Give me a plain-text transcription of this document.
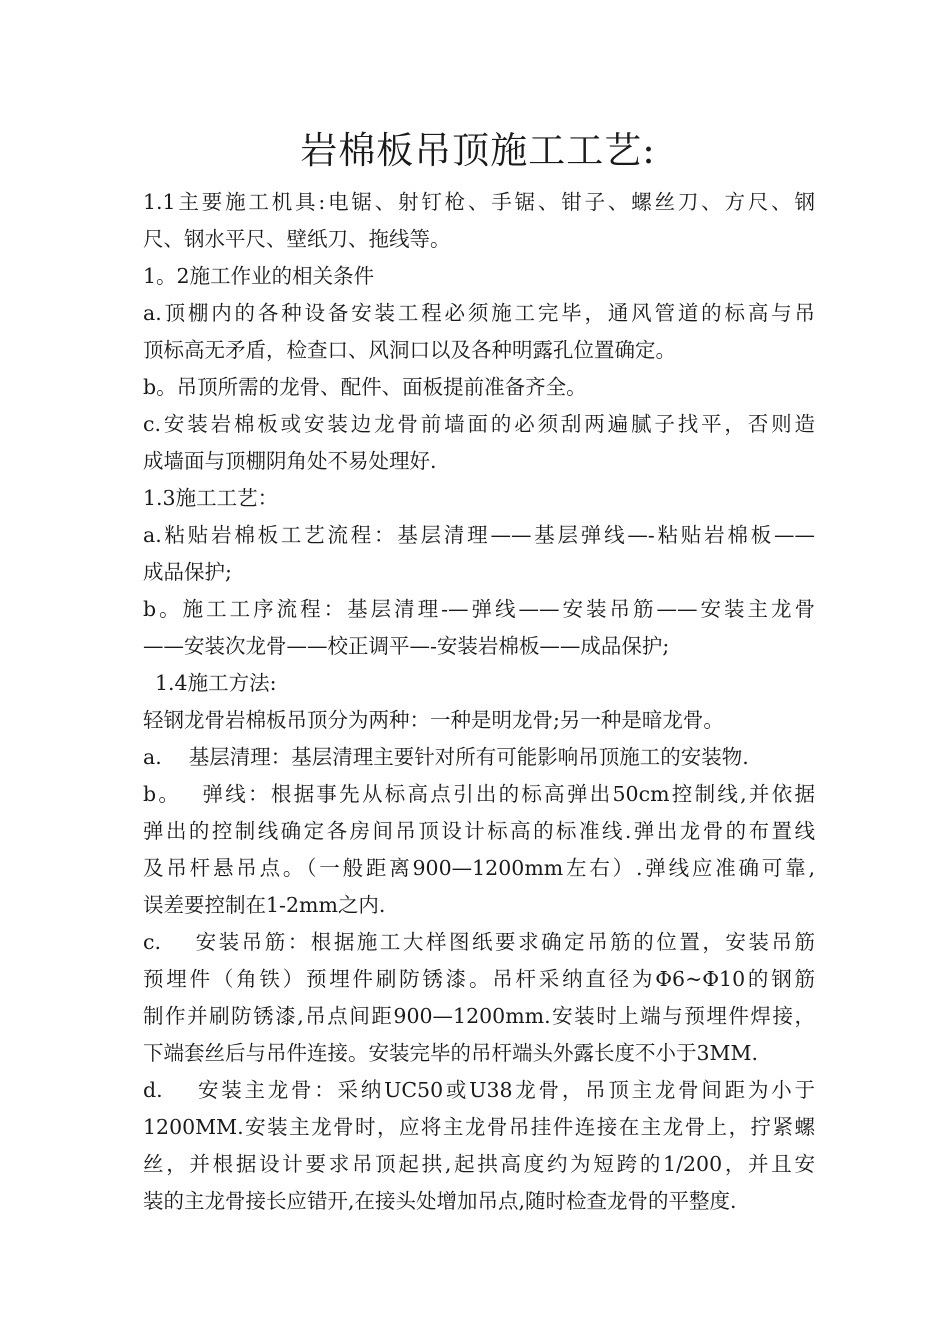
岩棉板吊顶施工工艺:
1.1主要施工机具:电锯、射钉枪、手锯、钳子、螺丝刀、方尺、钢
尺、钢水平尺、壁纸刀、拖线等。
1。2施工作业的相关条件
a.顶棚内的各种设备安装工程必须施工完毕，通风管道的标高与吊
顶标高无矛盾，检查口、风洞口以及各种明露孔位置确定。
b。吊顶所需的龙骨、配件、面板提前准备齐全。
c.安装岩棉板或安装边龙骨前墙面的必须刮两遍腻子找平，否则造
成墙面与顶棚阴角处不易处理好.
1.3施工工艺：
a.粘贴岩棉板工艺流程：基层清理——基层弹线—-粘贴岩棉板——
成品保护;
b。施工工序流程：基层清理-—弹线——安装吊筋——安装主龙骨
——安装次龙骨——校正调平—-安装岩棉板——成品保护;
1.4施工方法:
轻钢龙骨岩棉板吊顶分为两种：一种是明龙骨;另一种是暗龙骨。
a.　 基层清理：基层清理主要针对所有可能影响吊顶施工的安装物.
b。　 弹线：根据事先从标高点引出的标高弹出50cm控制线,并依据
弹出的控制线确定各房间吊顶设计标高的标准线.弹出龙骨的布置线
及吊杆悬吊点。（一般距离900—1200mm左右）.弹线应准确可靠,
误差要控制在1-2mm之内.
c.　 安装吊筋：根据施工大样图纸要求确定吊筋的位置，安装吊筋
预埋件（角铁）预埋件刷防锈漆。吊杆采纳直径为Φ6~Φ10的钢筋
制作并刷防锈漆,吊点间距900—1200mm.安装时上端与预埋件焊接，
下端套丝后与吊件连接。安装完毕的吊杆端头外露长度不小于3MM.
d.　 安装主龙骨：采纳UC50或U38龙骨，吊顶主龙骨间距为小于
1200MM.安装主龙骨时，应将主龙骨吊挂件连接在主龙骨上，拧紧螺
丝，并根据设计要求吊顶起拱,起拱高度约为短跨的1/200，并且安
装的主龙骨接长应错开,在接头处增加吊点,随时检查龙骨的平整度.
